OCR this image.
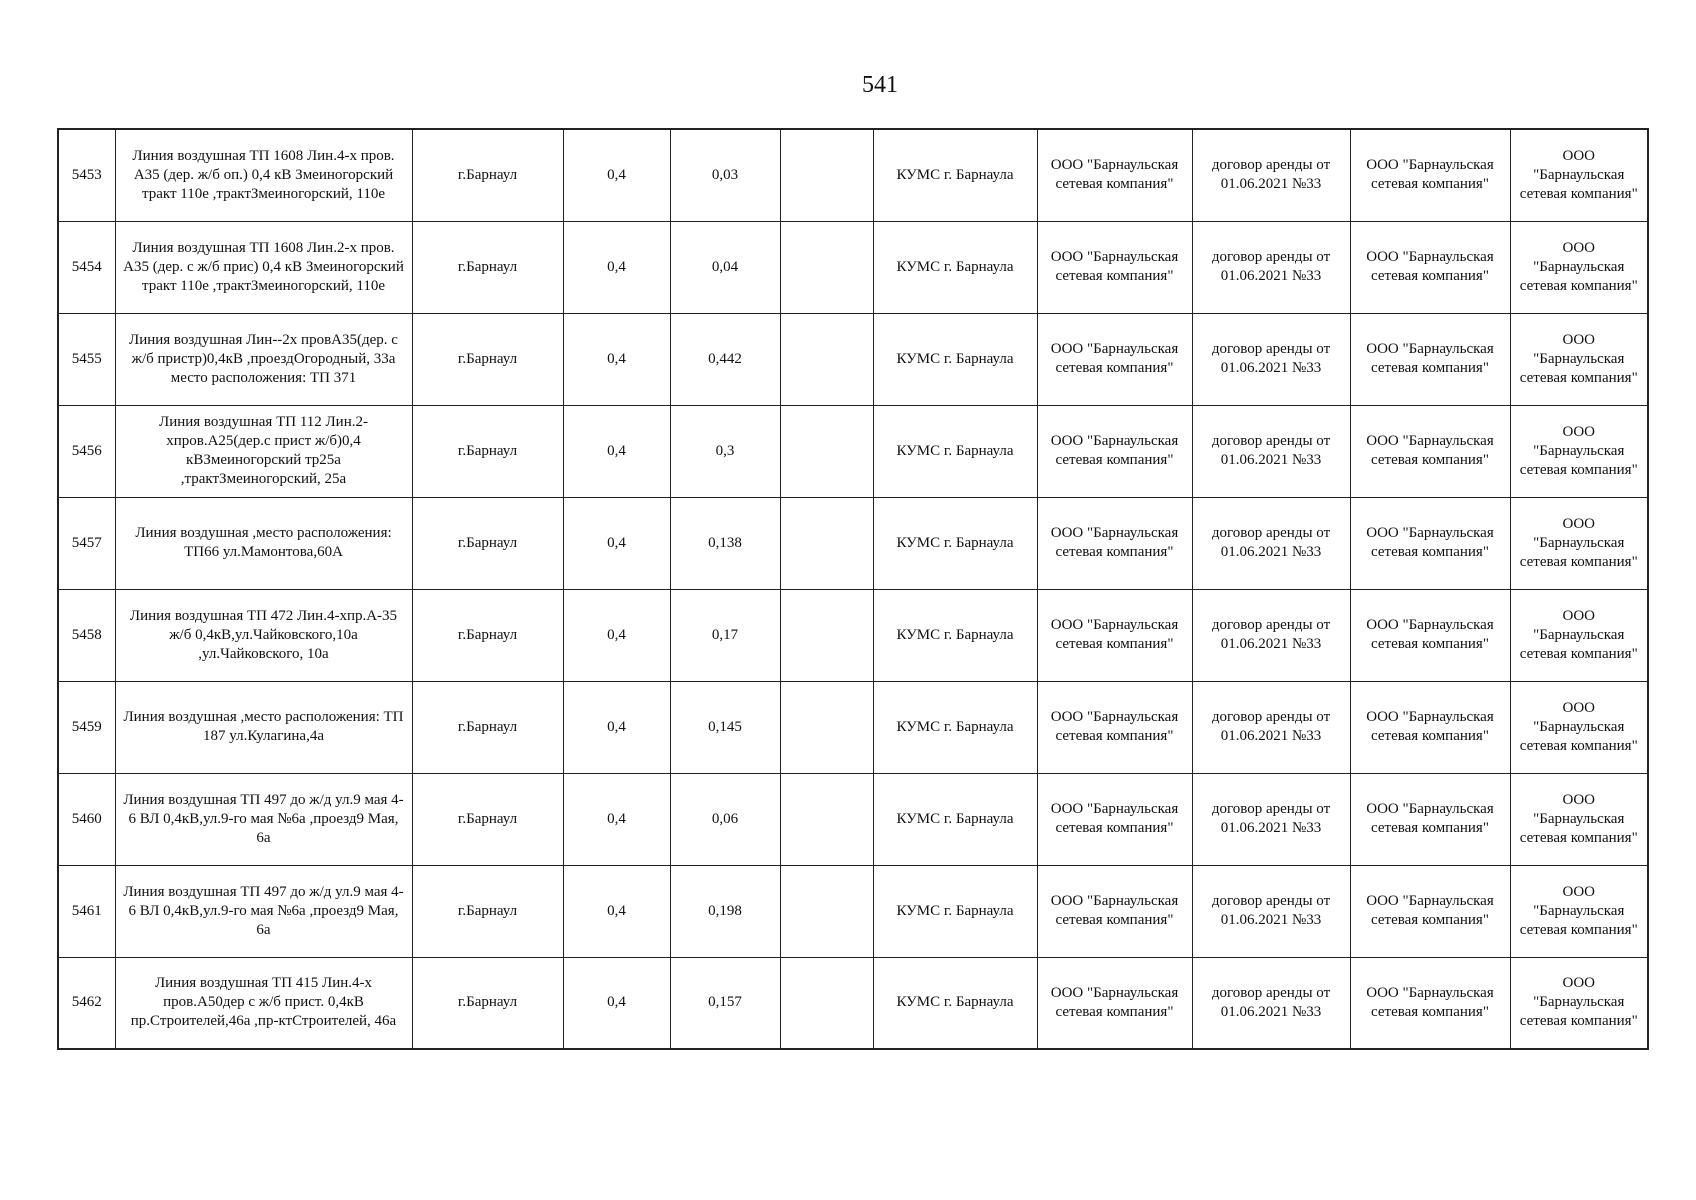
541
5453	Линия воздушная ТП 1608 Лин.4-х пров. А35 (дер. ж/б оп.) 0,4 кВ Змеиногорский тракт 110е ,трактЗмеиногорский, 110е	г.Барнаул	0,4	0,03		КУМС г. Барнаула	ООО "Барнаульская сетевая компания"	договор аренды от 01.06.2021 №33	ООО "Барнаульская сетевая компания"	ООО "Барнаульская сетевая компания"
5454	Линия воздушная ТП 1608 Лин.2-х пров. А35 (дер. с ж/б прис) 0,4 кВ Змеиногорский тракт 110е ,трактЗмеиногорский, 110е	г.Барнаул	0,4	0,04		КУМС г. Барнаула	ООО "Барнаульская сетевая компания"	договор аренды от 01.06.2021 №33	ООО "Барнаульская сетевая компания"	ООО "Барнаульская сетевая компания"
5455	Линия воздушная Лин--2х провА35(дер. с ж/б пристр)0,4кВ ,проездОгородный, 33а место расположения: ТП 371	г.Барнаул	0,4	0,442		КУМС г. Барнаула	ООО "Барнаульская сетевая компания"	договор аренды от 01.06.2021 №33	ООО "Барнаульская сетевая компания"	ООО "Барнаульская сетевая компания"
5456	Линия воздушная ТП 112 Лин.2-хпров.А25(дер.с прист ж/б)0,4 кВЗмеиногорский тр25а ,трактЗмеиногорский, 25а	г.Барнаул	0,4	0,3		КУМС г. Барнаула	ООО "Барнаульская сетевая компания"	договор аренды от 01.06.2021 №33	ООО "Барнаульская сетевая компания"	ООО "Барнаульская сетевая компания"
5457	Линия воздушная ,место расположения: ТП66 ул.Мамонтова,60А	г.Барнаул	0,4	0,138		КУМС г. Барнаула	ООО "Барнаульская сетевая компания"	договор аренды от 01.06.2021 №33	ООО "Барнаульская сетевая компания"	ООО "Барнаульская сетевая компания"
5458	Линия воздушная ТП 472 Лин.4-хпр.А-35 ж/б 0,4кВ,ул.Чайковского,10а ,ул.Чайковского, 10а	г.Барнаул	0,4	0,17		КУМС г. Барнаула	ООО "Барнаульская сетевая компания"	договор аренды от 01.06.2021 №33	ООО "Барнаульская сетевая компания"	ООО "Барнаульская сетевая компания"
5459	Линия воздушная ,место расположения: ТП 187 ул.Кулагина,4а	г.Барнаул	0,4	0,145		КУМС г. Барнаула	ООО "Барнаульская сетевая компания"	договор аренды от 01.06.2021 №33	ООО "Барнаульская сетевая компания"	ООО "Барнаульская сетевая компания"
5460	Линия воздушная ТП 497 до ж/д ул.9 мая 4-6 ВЛ 0,4кВ,ул.9-го мая №6а ,проезд9 Мая, 6а	г.Барнаул	0,4	0,06		КУМС г. Барнаула	ООО "Барнаульская сетевая компания"	договор аренды от 01.06.2021 №33	ООО "Барнаульская сетевая компания"	ООО "Барнаульская сетевая компания"
5461	Линия воздушная ТП 497 до ж/д ул.9 мая 4-6 ВЛ 0,4кВ,ул.9-го мая №6а ,проезд9 Мая, 6а	г.Барнаул	0,4	0,198		КУМС г. Барнаула	ООО "Барнаульская сетевая компания"	договор аренды от 01.06.2021 №33	ООО "Барнаульская сетевая компания"	ООО "Барнаульская сетевая компания"
5462	Линия воздушная ТП 415 Лин.4-х пров.А50дер с ж/б прист. 0,4кВ пр.Строителей,46а ,пр-ктСтроителей, 46а	г.Барнаул	0,4	0,157		КУМС г. Барнаула	ООО "Барнаульская сетевая компания"	договор аренды от 01.06.2021 №33	ООО "Барнаульская сетевая компания"	ООО "Барнаульская сетевая компания"
